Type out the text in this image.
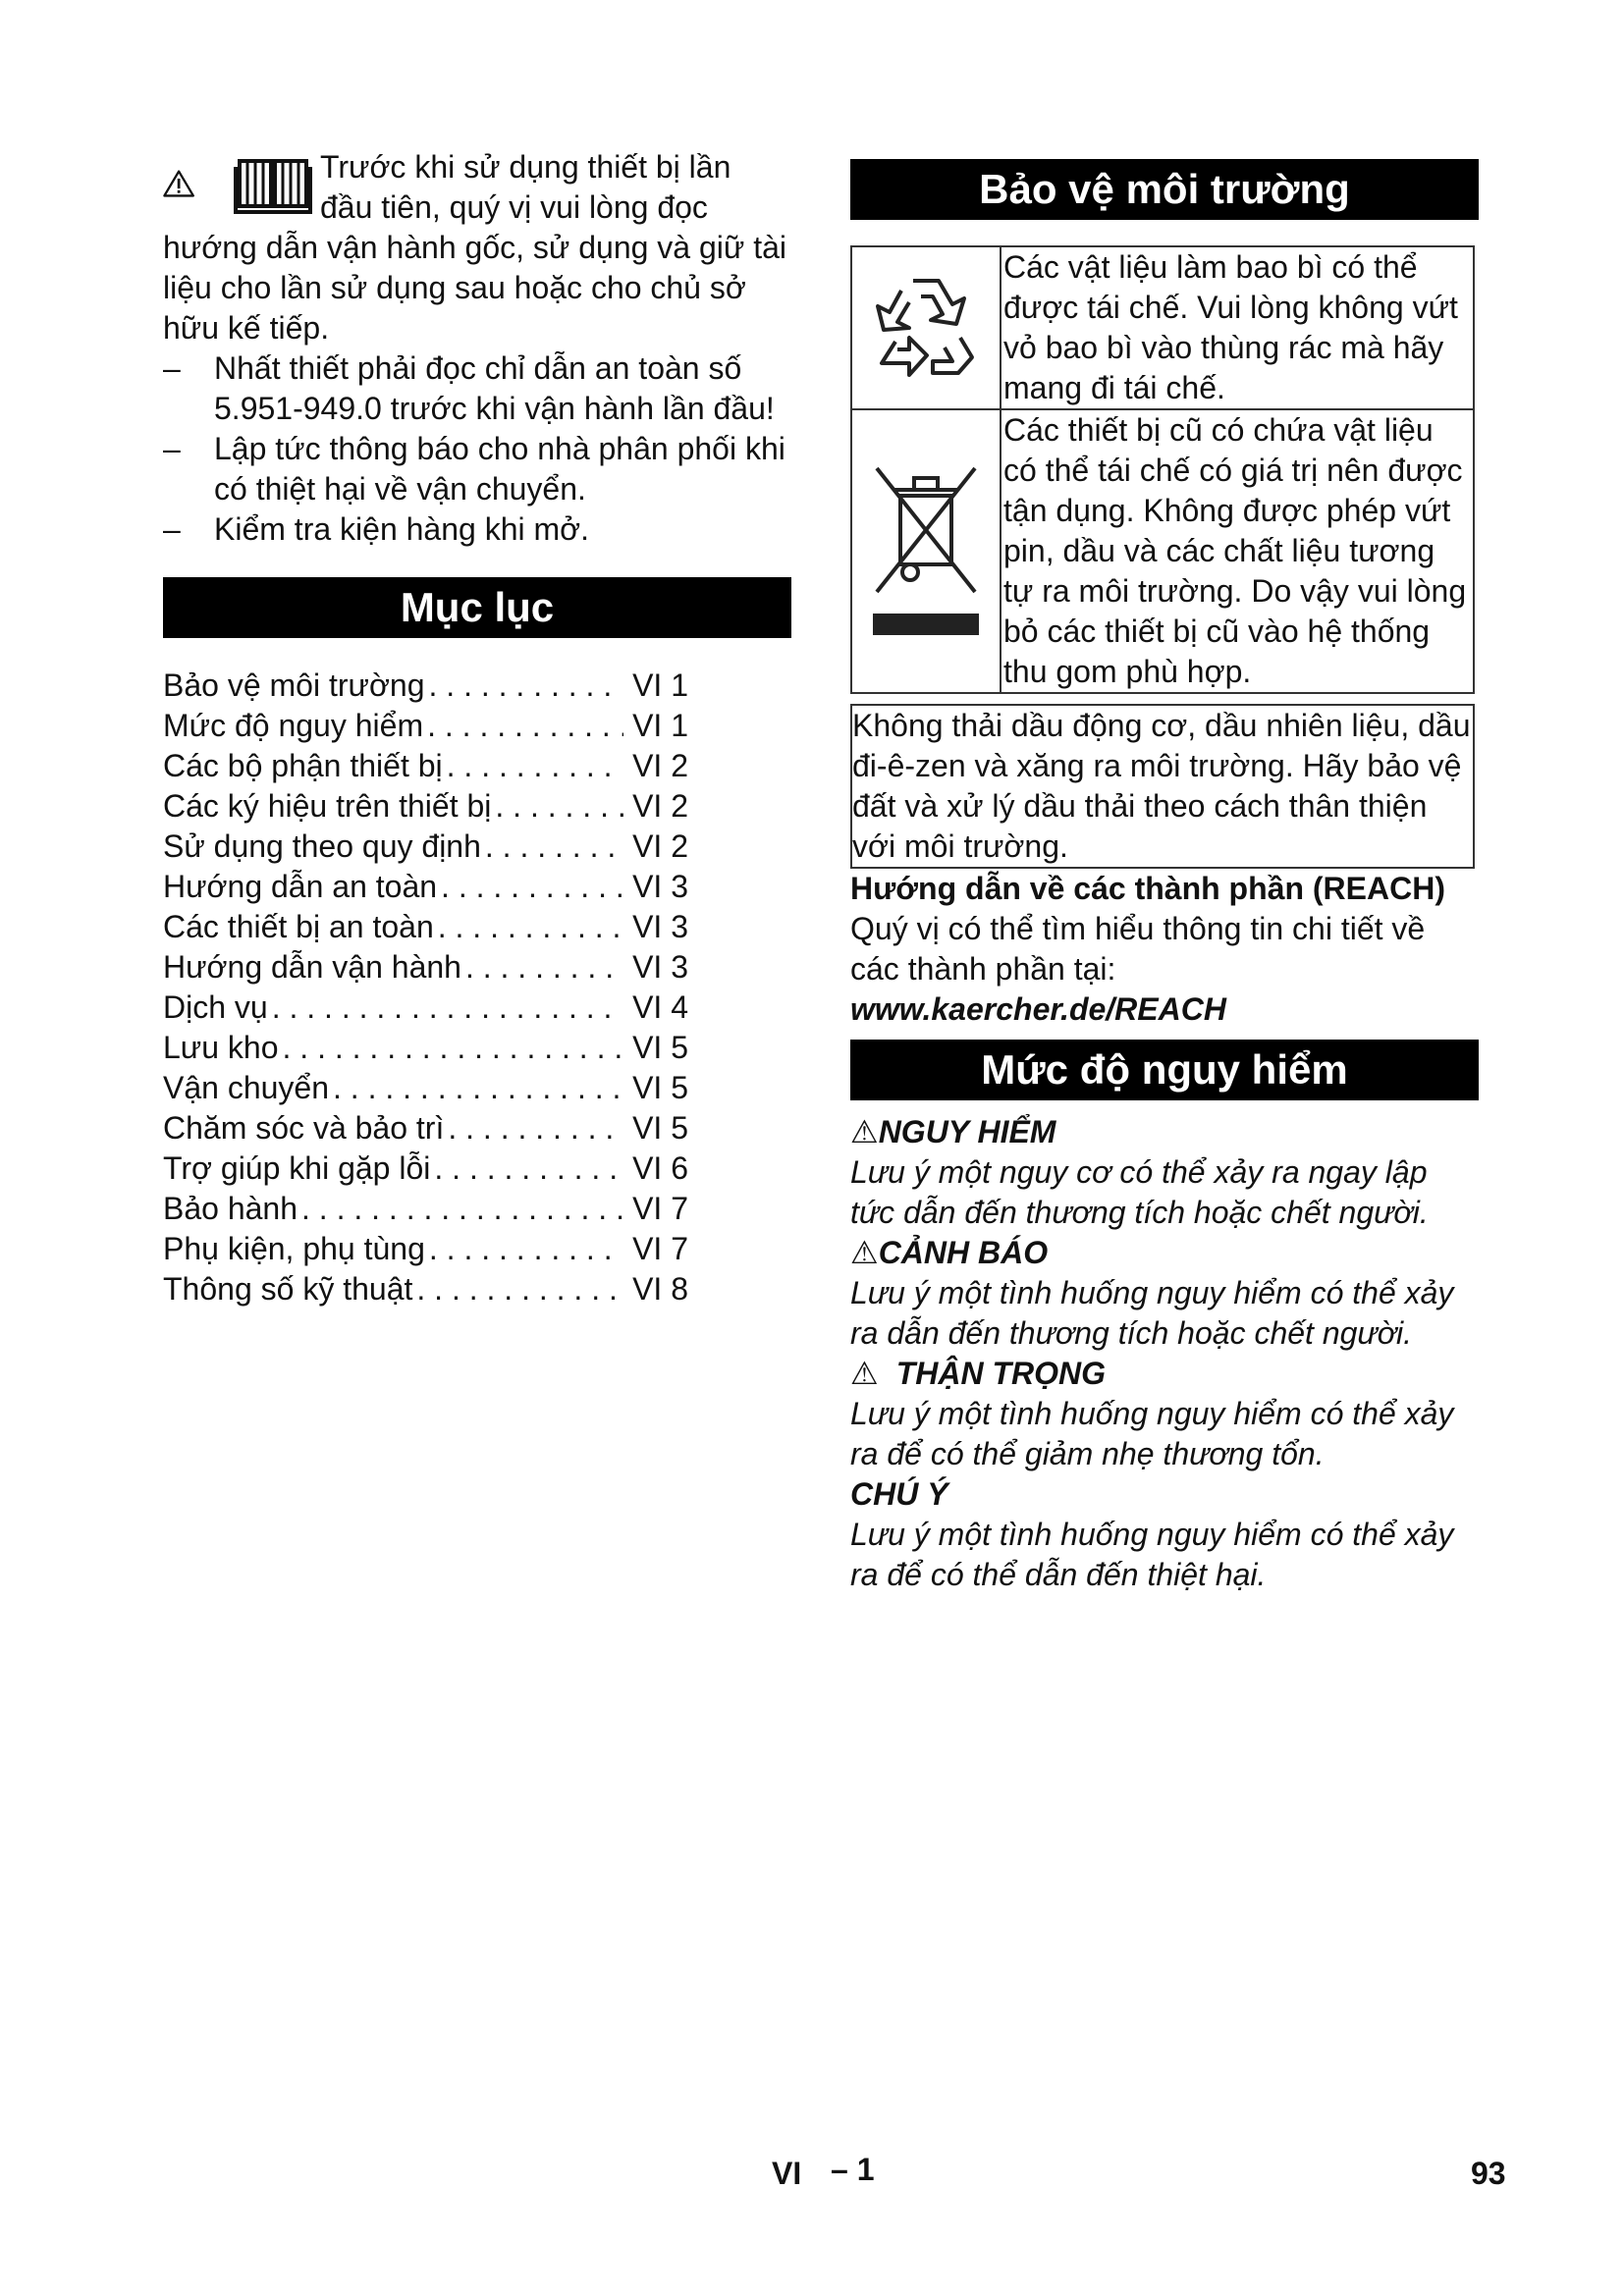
Trước khi sử dụng thiết bị lần đầu tiên, quý vị vui lòng đọc hướng dẫn vận hành gốc, sử dụng và giữ tài liệu cho lần sử dụng sau hoặc cho chủ sở hữu kế tiếp.

– Nhất thiết phải đọc chỉ dẫn an toàn số 5.951-949.0 trước khi vận hành lần đầu!
– Lập tức thông báo cho nhà phân phối khi có thiệt hại về vận chuyển.
– Kiểm tra kiện hàng khi mở.
Mục lục
Bảo vệ môi trường . . .	VI 1
Mức độ nguy hiểm . . .	VI 1
Các bộ phận thiết bị . . .	VI 2
Các ký hiệu trên thiết bị . . .	VI 2
Sử dụng theo quy định . . .	VI 2
Hướng dẫn an toàn . . .	VI 3
Các thiết bị an toàn . . .	VI 3
Hướng dẫn vận hành . . .	VI 3
Dịch vụ . . .	VI 4
Lưu kho . . .	VI 5
Vận chuyển . . .	VI 5
Chăm sóc và bảo trì . . .	VI 5
Trợ giúp khi gặp lỗi . . .	VI 6
Bảo hành . . .	VI 7
Phụ kiện, phụ tùng . . .	VI 7
Thông số kỹ thuật . . .	VI 8
Bảo vệ môi trường
	Các vật liệu làm bao bì có thể được tái chế. Vui lòng không vứt vỏ bao bì vào thùng rác mà hãy mang đi tái chế.
	Các thiết bị cũ có chứa vật liệu có thể tái chế có giá trị nên được tận dụng. Không được phép vứt pin, dầu và các chất liệu tương tự ra môi trường. Do vậy vui lòng bỏ các thiết bị cũ vào hệ thống thu gom phù hợp.

Không thải dầu động cơ, dầu nhiên liệu, dầu đi-ê-zen và xăng ra môi trường. Hãy bảo vệ đất và xử lý dầu thải theo cách thân thiện với môi trường.

Hướng dẫn về các thành phần (REACH)

Quý vị có thể tìm hiểu thông tin chi tiết về các thành phần tại:

www.kaercher.de/REACH

Mức độ nguy hiểm

⚠NGUY HIỂM

Lưu ý một nguy cơ có thể xảy ra ngay lập tức dẫn đến thương tích hoặc chết người.

⚠CẢNH BÁO

Lưu ý một tình huống nguy hiểm có thể xảy ra dẫn đến thương tích hoặc chết người.

⚠ THẬN TRỌNG

Lưu ý một tình huống nguy hiểm có thể xảy ra để có thể giảm nhẹ thương tổn.

CHÚ Ý

Lưu ý một tình huống nguy hiểm có thể xảy ra để có thể dẫn đến thiệt hại.

VI – 1	93
